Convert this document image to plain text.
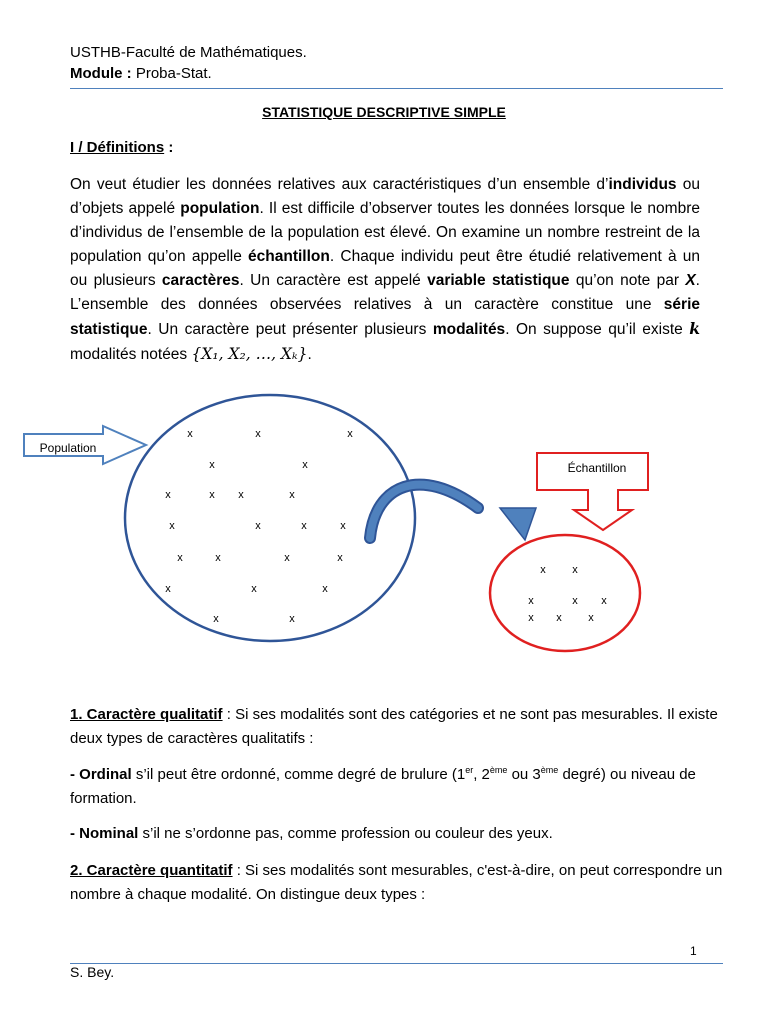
USTHB-Faculté de Mathématiques.
Module : Proba-Stat.
STATISTIQUE DESCRIPTIVE SIMPLE
I / Définitions :
On veut étudier les données relatives aux caractéristiques d’un ensemble d’individus ou d’objets appelé population. Il est difficile d’observer toutes les données lorsque le nombre d’individus de l’ensemble de la population est élevé. On examine un nombre restreint de la population qu’on appelle échantillon. Chaque individu peut être étudié relativement à un ou plusieurs caractères. Un caractère est appelé variable statistique qu’on note par X. L’ensemble des données observées relatives à un caractère constitue une série statistique. Un caractère peut présenter plusieurs modalités. On suppose qu’il existe k modalités notées {X₁, X₂, …, Xₖ}.
Population
Échantillon
x	x	x
x	x
x	x x	x
x	x	x	x
x	x	x	x
x	x	x
x	x
x x
x	x x
x x x
1. Caractère qualitatif : Si ses modalités sont des catégories et ne sont pas mesurables. Il existe deux types de caractères qualitatifs :
- Ordinal s’il peut être ordonné, comme degré de brulure (1er, 2ème ou 3ème degré) ou niveau de formation.
- Nominal s’il ne s’ordonne pas, comme profession ou couleur des yeux.
2. Caractère quantitatif : Si ses modalités sont mesurables, c'est-à-dire, on peut correspondre un nombre à chaque modalité. On distingue deux types :
1
S. Bey.
